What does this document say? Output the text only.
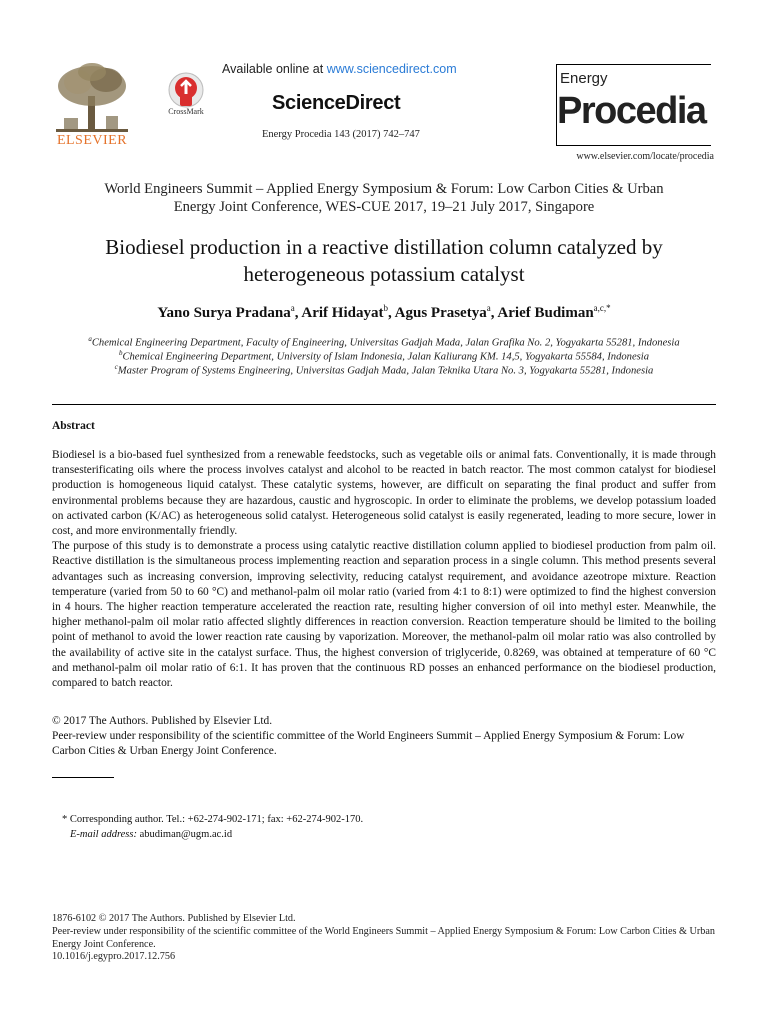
ELSEVIER
CrossMark
Available online at www.sciencedirect.com
ScienceDirect
Energy Procedia 143 (2017) 742–747
Energy
Procedia
www.elsevier.com/locate/procedia
World Engineers Summit – Applied Energy Symposium & Forum: Low Carbon Cities & Urban
Energy Joint Conference, WES-CUE 2017, 19–21 July 2017, Singapore
Biodiesel production in a reactive distillation column catalyzed by
heterogeneous potassium catalyst
Yano Surya Pradana$^a$, Arif Hidayat$^b$, Agus Prasetya$^a$, Arief Budiman$^{a,c,*}$
$^a$Chemical Engineering Department, Faculty of Engineering, Universitas Gadjah Mada, Jalan Grafika No. 2, Yogyakarta 55281, Indonesia
$^b$Chemical Engineering Department, University of Islam Indonesia, Jalan Kaliurang KM. 14,5, Yogyakarta 55584, Indonesia
$^c$Master Program of Systems Engineering, Universitas Gadjah Mada, Jalan Teknika Utara No. 3, Yogyakarta 55281, Indonesia
Abstract

Biodiesel is a bio-based fuel synthesized from a renewable feedstocks, such as vegetable oils or animal fats. Conventionally, it is made through transesterificating oils where the process involves catalyst and alcohol to be reacted in batch reactor. The most common catalyst for biodiesel production is homogeneous liquid catalyst. These catalytic systems, however, are difficult on separating the final product and suffer from environmental problems because they are hazardous, caustic and hygroscopic. In order to eliminate the problems, we develop potassium loaded on activated carbon (K/AC) as heterogeneous solid catalyst. Heterogeneous solid catalyst is easily regenerated, leading to more secure, lower in cost, and more environmentally friendly.

The purpose of this study is to demonstrate a process using catalytic reactive distillation column applied to biodiesel production from palm oil. Reactive distillation is the simultaneous process implementing reaction and separation process in a single column. This method presents several advantages such as increasing conversion, improving selectivity, reducing catalyst requirement, and avoidance azeotrope mixture. Reaction temperature (varied from 50 to 60 °C) and methanol-palm oil molar ratio (varied from 4:1 to 8:1) were optimized to find the highest conversion in 4 hours. The higher reaction temperature accelerated the reaction rate, resulting higher conversion of oil into methyl ester. Meanwhile, the higher methanol-palm oil molar ratio affected slightly differences in reaction conversion. Reaction temperature should be limited to the boiling point of methanol to avoid the lower reaction rate causing by vaporization. Moreover, the methanol-palm oil molar ratio was also controlled by the availability of active site in the catalyst surface. Thus, the highest conversion of triglyceride, 0.8269, was obtained at temperature of 60 °C and methanol-palm oil molar ratio of 6:1. It has proven that the continuous RD posses an enhanced performance on the biodiesel production, compared to batch reactor.

© 2017 The Authors. Published by Elsevier Ltd.

Peer-review under responsibility of the scientific committee of the World Engineers Summit – Applied Energy Symposium & Forum: Low Carbon Cities & Urban Energy Joint Conference.

* Corresponding author. Tel.: +62-274-902-171; fax: +62-274-902-170.
E-mail address: abudiman@ugm.ac.id

1876-6102 © 2017 The Authors. Published by Elsevier Ltd.

Peer-review under responsibility of the scientific committee of the World Engineers Summit – Applied Energy Symposium & Forum: Low Carbon Cities & Urban Energy Joint Conference.

10.1016/j.egypro.2017.12.756
